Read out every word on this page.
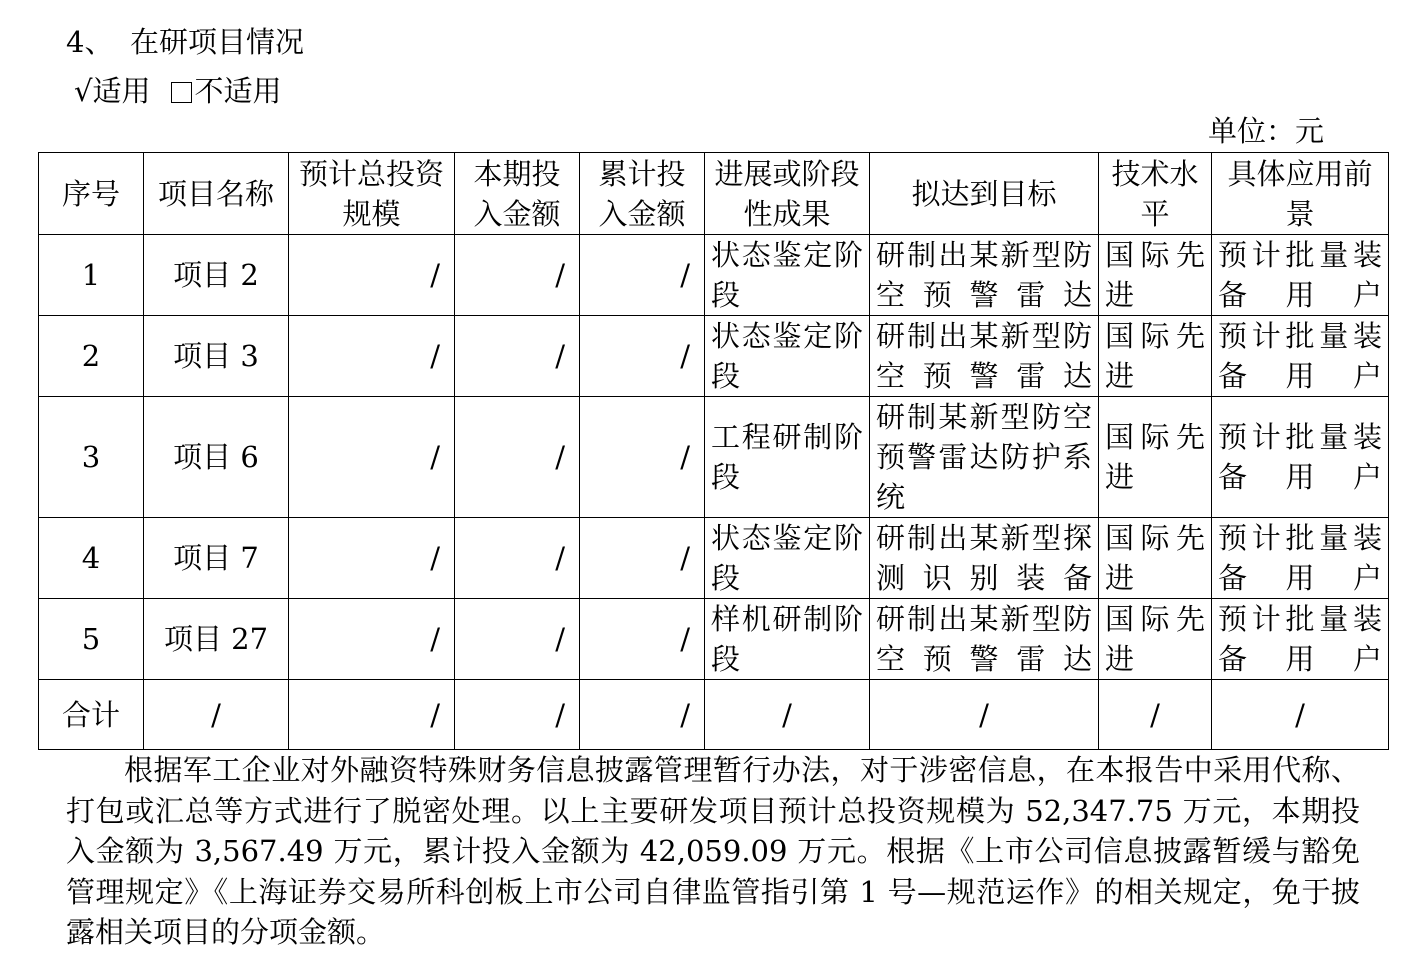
4、 在研项目情况
√适用 不适用
单位：元
序号	项目名称	预计总投资规模	本期投入金额	累计投入金额	进展或阶段性成果	拟达到目标	技术水平	具体应用前景
1	项目 2	/	/	/	状态鉴定阶段	研制出某新型防空预警雷达	国际先进	预计批量装备用户
2	项目 3	/	/	/	状态鉴定阶段	研制出某新型防空预警雷达	国际先进	预计批量装备用户
3	项目 6	/	/	/	工程研制阶段	研制某新型防空预警雷达防护系统	国际先进	预计批量装备用户
4	项目 7	/	/	/	状态鉴定阶段	研制出某新型探测识别装备	国际先进	预计批量装备用户
5	项目 27	/	/	/	样机研制阶段	研制出某新型防空预警雷达	国际先进	预计批量装备用户
合计	/	/	/	/	/	/	/	/

根据军工企业对外融资特殊财务信息披露管理暂行办法，对于涉密信息，在本报告中采用代称、打包或汇总等方式进行了脱密处理。以上主要研发项目预计总投资规模为 52,347.75 万元，本期投入金额为 3,567.49 万元，累计投入金额为 42,059.09 万元。根据《上市公司信息披露暂缓与豁免管理规定》《上海证券交易所科创板上市公司自律监管指引第 1 号—规范运作》的相关规定，免于披露相关项目的分项金额。
